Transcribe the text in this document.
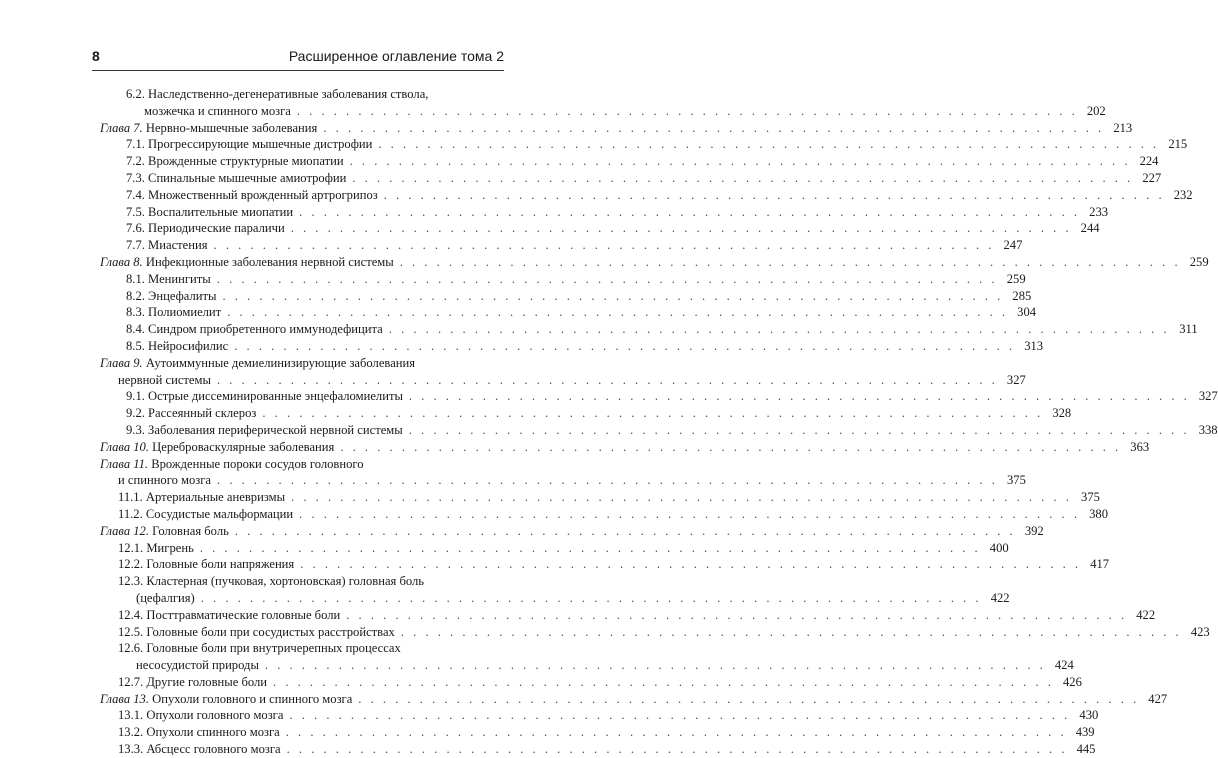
8	Расширенное оглавление тома 2
6.2. Наследственно-дегенеративные заболевания ствола,
мозжечка и спинного мозга . . . . . . . . . . . . . . . . . . . . . . . . . . . . . . . . . . . . . . . . . . . . . . . . . . . . . . . . . . . . . . . . 202
Глава 7. Нервно-мышечные заболевания . . . . . . . . . . . . . . . . . . . . . . . . . . . . . . . . . . . . . . . . . . . . . . . . . . . . . . . . . . . . . . . . 213
7.1. Прогрессирующие мышечные дистрофии . . . . . . . . . . . . . . . . . . . . . . . . . . . . . . . . . . . . . . . . . . . . . . . . . . . . . . . . . . . . . . . . 215
7.2. Врожденные структурные миопатии . . . . . . . . . . . . . . . . . . . . . . . . . . . . . . . . . . . . . . . . . . . . . . . . . . . . . . . . . . . . . . . . 224
7.3. Спинальные мышечные амиотрофии . . . . . . . . . . . . . . . . . . . . . . . . . . . . . . . . . . . . . . . . . . . . . . . . . . . . . . . . . . . . . . . . 227
7.4. Множественный врожденный артрогрипоз . . . . . . . . . . . . . . . . . . . . . . . . . . . . . . . . . . . . . . . . . . . . . . . . . . . . . . . . . . . . . . . . 232
7.5. Воспалительные миопатии . . . . . . . . . . . . . . . . . . . . . . . . . . . . . . . . . . . . . . . . . . . . . . . . . . . . . . . . . . . . . . . . 233
7.6. Периодические параличи . . . . . . . . . . . . . . . . . . . . . . . . . . . . . . . . . . . . . . . . . . . . . . . . . . . . . . . . . . . . . . . . 244
7.7. Миастения . . . . . . . . . . . . . . . . . . . . . . . . . . . . . . . . . . . . . . . . . . . . . . . . . . . . . . . . . . . . . . . . 247
Глава 8. Инфекционные заболевания нервной системы . . . . . . . . . . . . . . . . . . . . . . . . . . . . . . . . . . . . . . . . . . . . . . . . . . . . . . . . . . . . . . . . 259
8.1. Менингиты . . . . . . . . . . . . . . . . . . . . . . . . . . . . . . . . . . . . . . . . . . . . . . . . . . . . . . . . . . . . . . . . 259
8.2. Энцефалиты . . . . . . . . . . . . . . . . . . . . . . . . . . . . . . . . . . . . . . . . . . . . . . . . . . . . . . . . . . . . . . . . 285
8.3. Полиомиелит . . . . . . . . . . . . . . . . . . . . . . . . . . . . . . . . . . . . . . . . . . . . . . . . . . . . . . . . . . . . . . . . 304
8.4. Синдром приобретенного иммунодефицита . . . . . . . . . . . . . . . . . . . . . . . . . . . . . . . . . . . . . . . . . . . . . . . . . . . . . . . . . . . . . . . . 311
8.5. Нейросифилис . . . . . . . . . . . . . . . . . . . . . . . . . . . . . . . . . . . . . . . . . . . . . . . . . . . . . . . . . . . . . . . . 313
Глава 9. Аутоиммунные демиелинизирующие заболевания
нервной системы . . . . . . . . . . . . . . . . . . . . . . . . . . . . . . . . . . . . . . . . . . . . . . . . . . . . . . . . . . . . . . . . 327
9.1. Острые диссеминированные энцефаломиелиты . . . . . . . . . . . . . . . . . . . . . . . . . . . . . . . . . . . . . . . . . . . . . . . . . . . . . . . . . . . . . . . . 327
9.2. Рассеянный склероз . . . . . . . . . . . . . . . . . . . . . . . . . . . . . . . . . . . . . . . . . . . . . . . . . . . . . . . . . . . . . . . . 328
9.3. Заболевания периферической нервной системы . . . . . . . . . . . . . . . . . . . . . . . . . . . . . . . . . . . . . . . . . . . . . . . . . . . . . . . . . . . . . . . . 338
Глава 10. Цереброваскулярные заболевания . . . . . . . . . . . . . . . . . . . . . . . . . . . . . . . . . . . . . . . . . . . . . . . . . . . . . . . . . . . . . . . . 363
Глава 11. Врожденные пороки сосудов головного
и спинного мозга . . . . . . . . . . . . . . . . . . . . . . . . . . . . . . . . . . . . . . . . . . . . . . . . . . . . . . . . . . . . . . . . 375
11.1. Артериальные аневризмы . . . . . . . . . . . . . . . . . . . . . . . . . . . . . . . . . . . . . . . . . . . . . . . . . . . . . . . . . . . . . . . . 375
11.2. Сосудистые мальформации . . . . . . . . . . . . . . . . . . . . . . . . . . . . . . . . . . . . . . . . . . . . . . . . . . . . . . . . . . . . . . . . 380
Глава 12. Головная боль . . . . . . . . . . . . . . . . . . . . . . . . . . . . . . . . . . . . . . . . . . . . . . . . . . . . . . . . . . . . . . . . 392
12.1. Мигрень . . . . . . . . . . . . . . . . . . . . . . . . . . . . . . . . . . . . . . . . . . . . . . . . . . . . . . . . . . . . . . . . 400
12.2. Головные боли напряжения . . . . . . . . . . . . . . . . . . . . . . . . . . . . . . . . . . . . . . . . . . . . . . . . . . . . . . . . . . . . . . . . 417
12.3. Кластерная (пучковая, хортоновская) головная боль
(цефалгия) . . . . . . . . . . . . . . . . . . . . . . . . . . . . . . . . . . . . . . . . . . . . . . . . . . . . . . . . . . . . . . . . 422
12.4. Посттравматические головные боли . . . . . . . . . . . . . . . . . . . . . . . . . . . . . . . . . . . . . . . . . . . . . . . . . . . . . . . . . . . . . . . . 422
12.5. Головные боли при сосудистых расстройствах . . . . . . . . . . . . . . . . . . . . . . . . . . . . . . . . . . . . . . . . . . . . . . . . . . . . . . . . . . . . . . . . 423
12.6. Головные боли при внутричерепных процессах
несосудистой природы . . . . . . . . . . . . . . . . . . . . . . . . . . . . . . . . . . . . . . . . . . . . . . . . . . . . . . . . . . . . . . . . 424
12.7. Другие головные боли . . . . . . . . . . . . . . . . . . . . . . . . . . . . . . . . . . . . . . . . . . . . . . . . . . . . . . . . . . . . . . . . 426
Глава 13. Опухоли головного и спинного мозга . . . . . . . . . . . . . . . . . . . . . . . . . . . . . . . . . . . . . . . . . . . . . . . . . . . . . . . . . . . . . . . . 427
13.1. Опухоли головного мозга . . . . . . . . . . . . . . . . . . . . . . . . . . . . . . . . . . . . . . . . . . . . . . . . . . . . . . . . . . . . . . . . 430
13.2. Опухоли спинного мозга . . . . . . . . . . . . . . . . . . . . . . . . . . . . . . . . . . . . . . . . . . . . . . . . . . . . . . . . . . . . . . . . 439
13.3. Абсцесс головного мозга . . . . . . . . . . . . . . . . . . . . . . . . . . . . . . . . . . . . . . . . . . . . . . . . . . . . . . . . . . . . . . . . 445
